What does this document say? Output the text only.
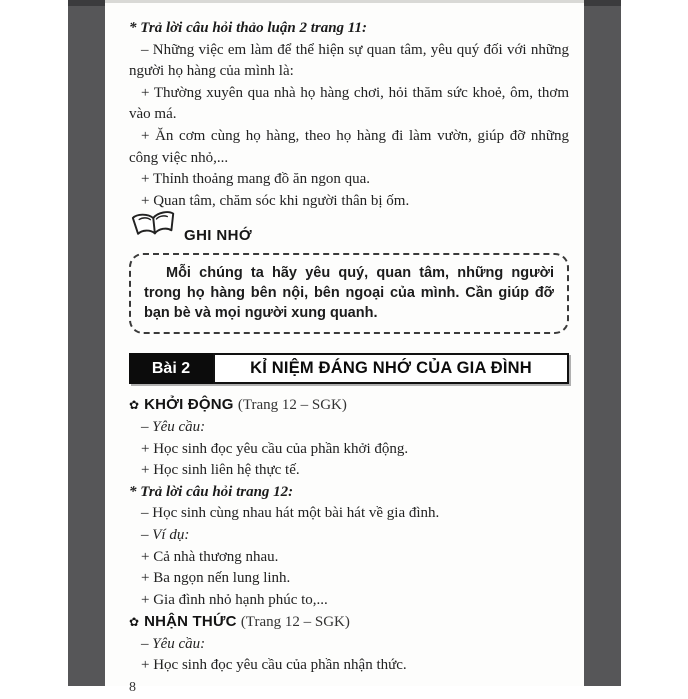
* Trả lời câu hỏi thảo luận 2 trang 11:

– Những việc em làm để thể hiện sự quan tâm, yêu quý đối với những người họ hàng của mình là:

+ Thường xuyên qua nhà họ hàng chơi, hỏi thăm sức khoẻ, ôm, thơm vào má.

+ Ăn cơm cùng họ hàng, theo họ hàng đi làm vườn, giúp đỡ những công việc nhỏ,...

+ Thỉnh thoảng mang đồ ăn ngon qua.

+ Quan tâm, chăm sóc khi người thân bị ốm.

GHI NHỚ

Mỗi chúng ta hãy yêu quý, quan tâm, những người trong họ hàng bên nội, bên ngoại của mình. Cần giúp đỡ bạn bè và mọi người xung quanh.

Bài 2	KỈ NIỆM ĐÁNG NHỚ CỦA GIA ĐÌNH

✿ KHỞI ĐỘNG (Trang 12 – SGK)

– Yêu cầu:

+ Học sinh đọc yêu cầu của phần khởi động.

+ Học sinh liên hệ thực tế.

* Trả lời câu hỏi trang 12:

– Học sinh cùng nhau hát một bài hát về gia đình.

– Ví dụ:

+ Cả nhà thương nhau.

+ Ba ngọn nến lung linh.

+ Gia đình nhỏ hạnh phúc to,...

✿ NHẬN THỨC (Trang 12 – SGK)

– Yêu cầu:

+ Học sinh đọc yêu cầu của phần nhận thức.

8
